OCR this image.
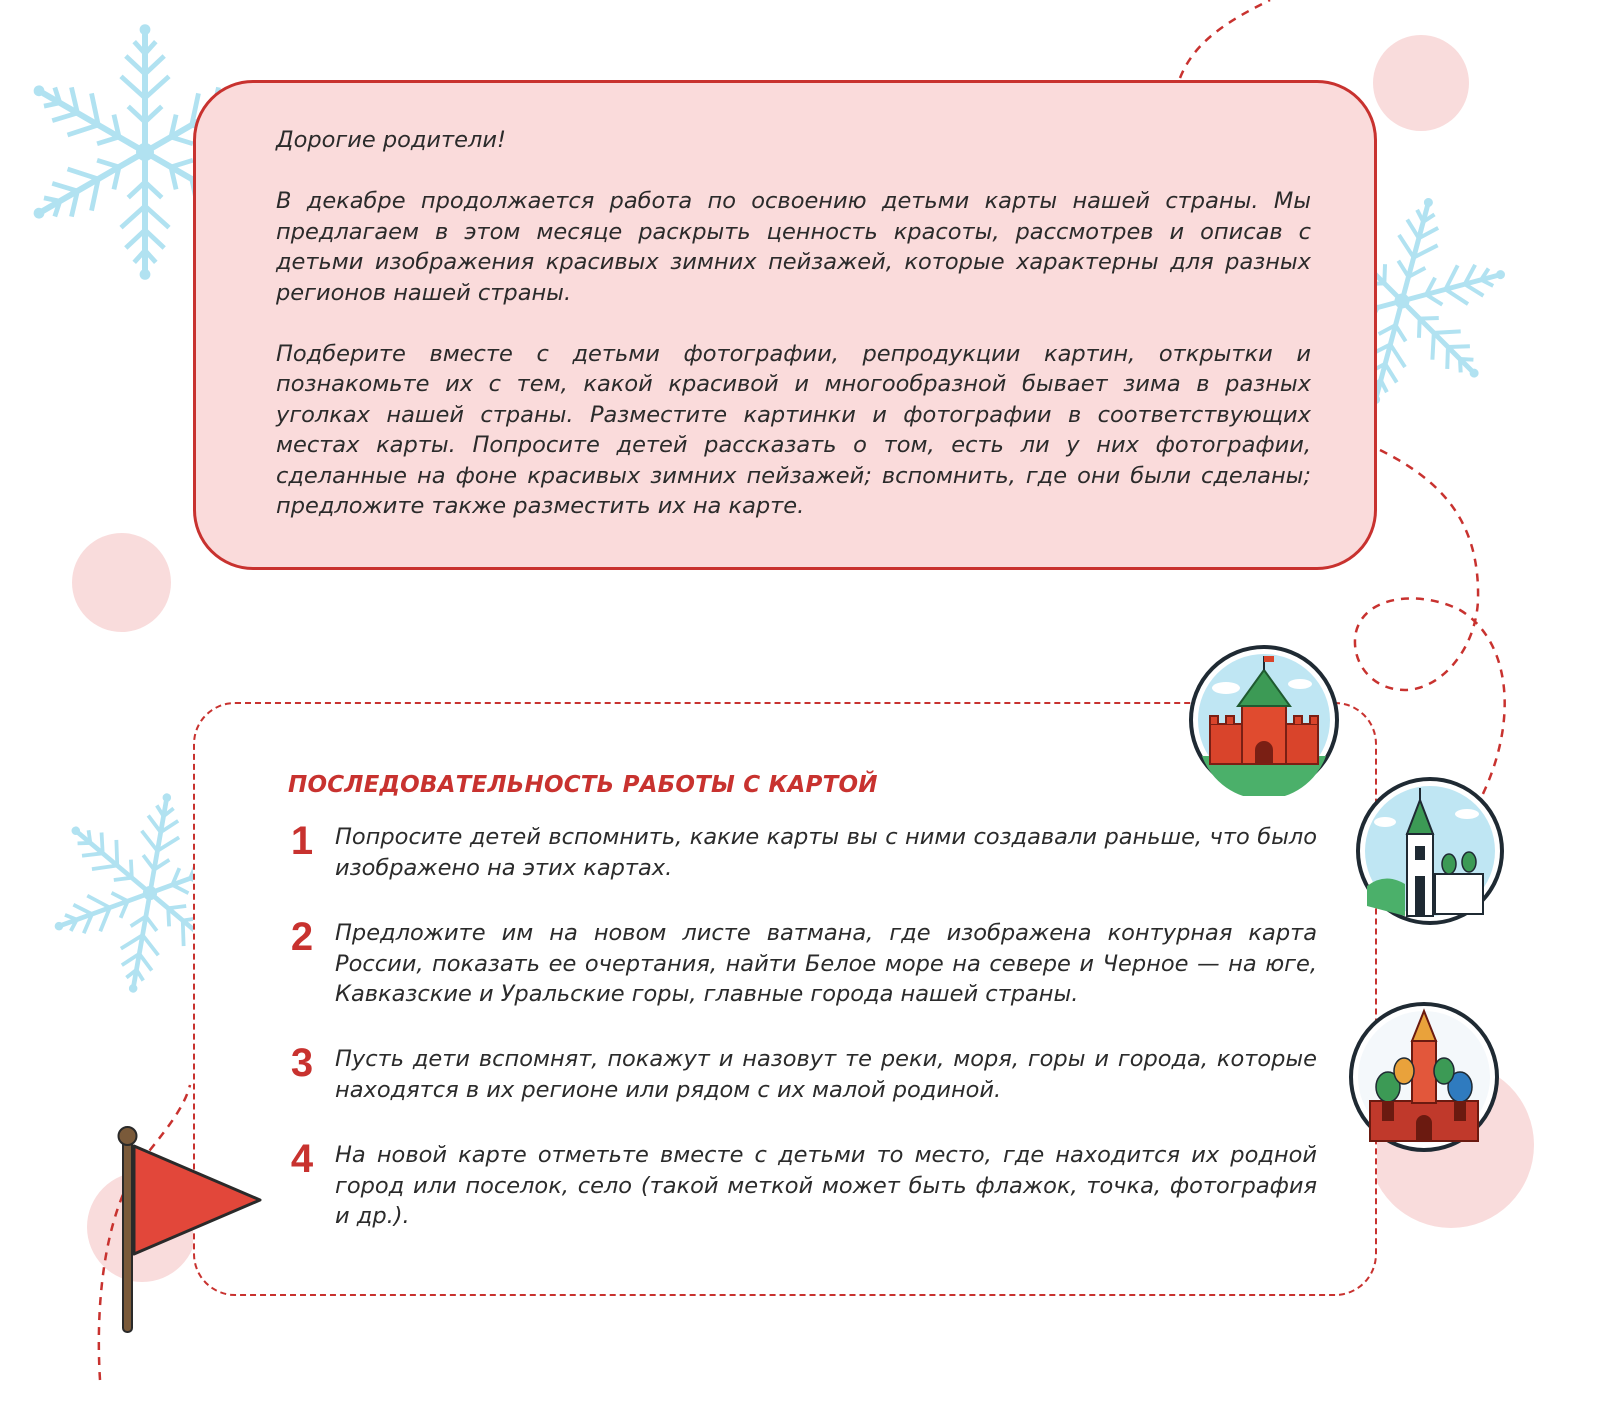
Дорогие родители!

В декабре продолжается работа по освоению детьми карты нашей страны. Мы предлагаем в этом месяце раскрыть ценность красоты, рассмотрев и описав с детьми изображения красивых зимних пейзажей, которые характерны для разных регионов нашей страны.

Подберите вместе с детьми фотографии, репродукции картин, открытки и познакомьте их с тем, какой красивой и многообразной бывает зима в разных уголках нашей страны. Разместите картинки и фотографии в соответствующих местах карты. Попросите детей рассказать о том, есть ли у них фотографии, сделанные на фоне красивых зимних пейзажей; вспомнить, где они были сделаны; предложите также разместить их на карте.

ПОСЛЕДОВАТЕЛЬНОСТЬ РАБОТЫ С КАРТОЙ
1 Попросите детей вспомнить, какие карты вы с ними создавали раньше, что было изображено на этих картах.

2 Предложите им на новом листе ватмана, где изображена контурная карта России, показать ее очертания, найти Белое море на севере и Черное — на юге, Кавказские и Уральские горы, главные города нашей страны.

3 Пусть дети вспомнят, покажут и назовут те реки, моря, горы и города, которые находятся в их регионе или рядом с их малой родиной.

4 На новой карте отметьте вместе с детьми то место, где находится их родной город или поселок, село (такой меткой может быть флажок, точка, фотография и др.).
